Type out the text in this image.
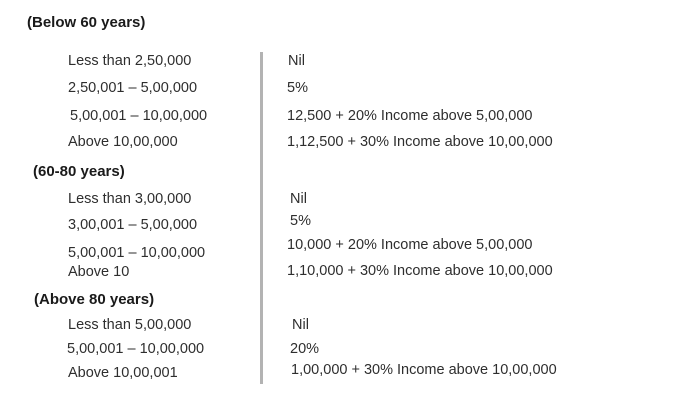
(Below 60 years)
Less than 2,50,000	Nil
2,50,001 – 5,00,000	5%
5,00,001 – 10,00,000	12,500 + 20% Income above 5,00,000
Above 10,00,000	1,12,500 + 30% Income above 10,00,000
(60-80 years)
Less than 3,00,000	Nil
3,00,001 – 5,00,000	5%
5,00,001 – 10,00,000	10,000 + 20% Income above 5,00,000
Above 10	1,10,000 + 30% Income above 10,00,000
(Above 80 years)
Less than 5,00,000	Nil
5,00,001 – 10,00,000	20%
Above 10,00,001	1,00,000 + 30% Income above 10,00,000
